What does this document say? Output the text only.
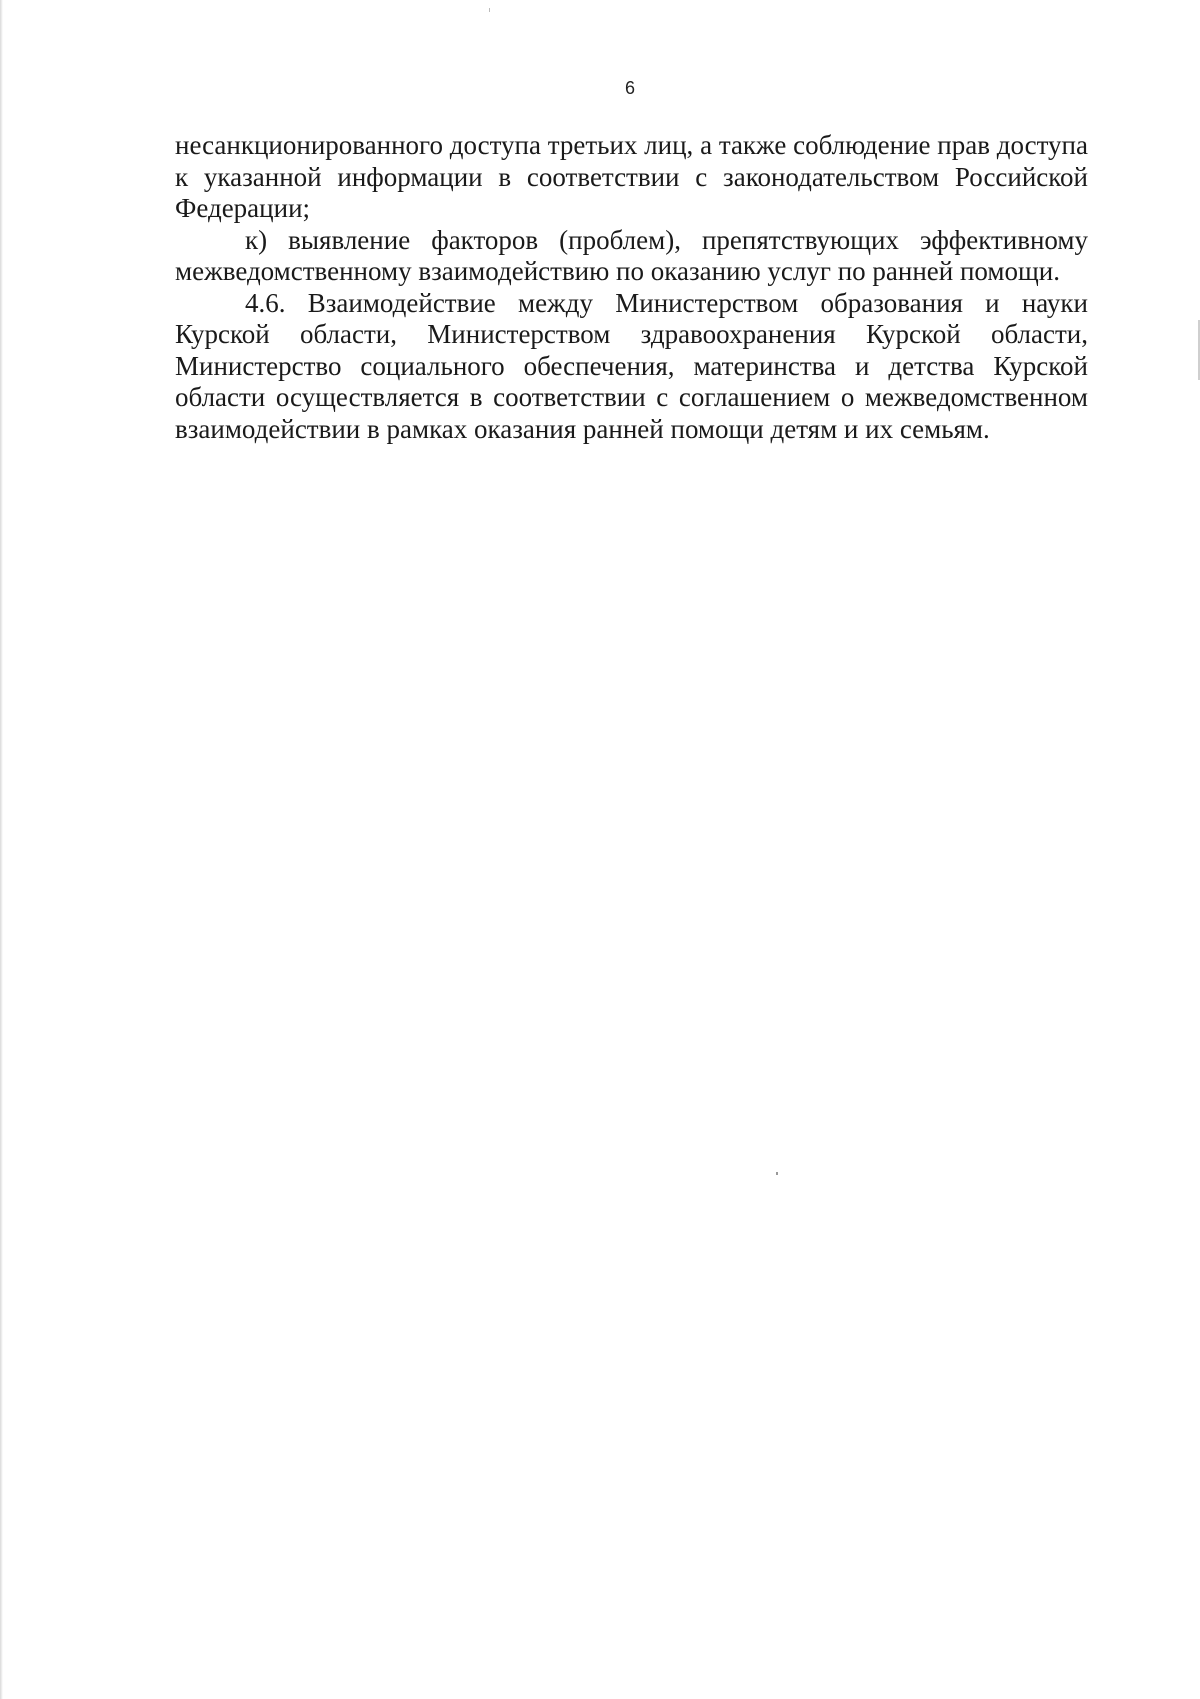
6

несанкционированного доступа третьих лиц, а также соблюдение прав доступа к указанной информации в соответствии с законодательством Российской Федерации;

к) выявление факторов (проблем), препятствующих эффективному межведомственному взаимодействию по оказанию услуг по ранней помощи.

4.6. Взаимодействие между Министерством образования и науки Курской области, Министерством здравоохранения Курской области, Министерство социального обеспечения, материнства и детства Курской области осуществляется в соответствии с соглашением о межведомственном взаимодействии в рамках оказания ранней помощи детям и их семьям.
